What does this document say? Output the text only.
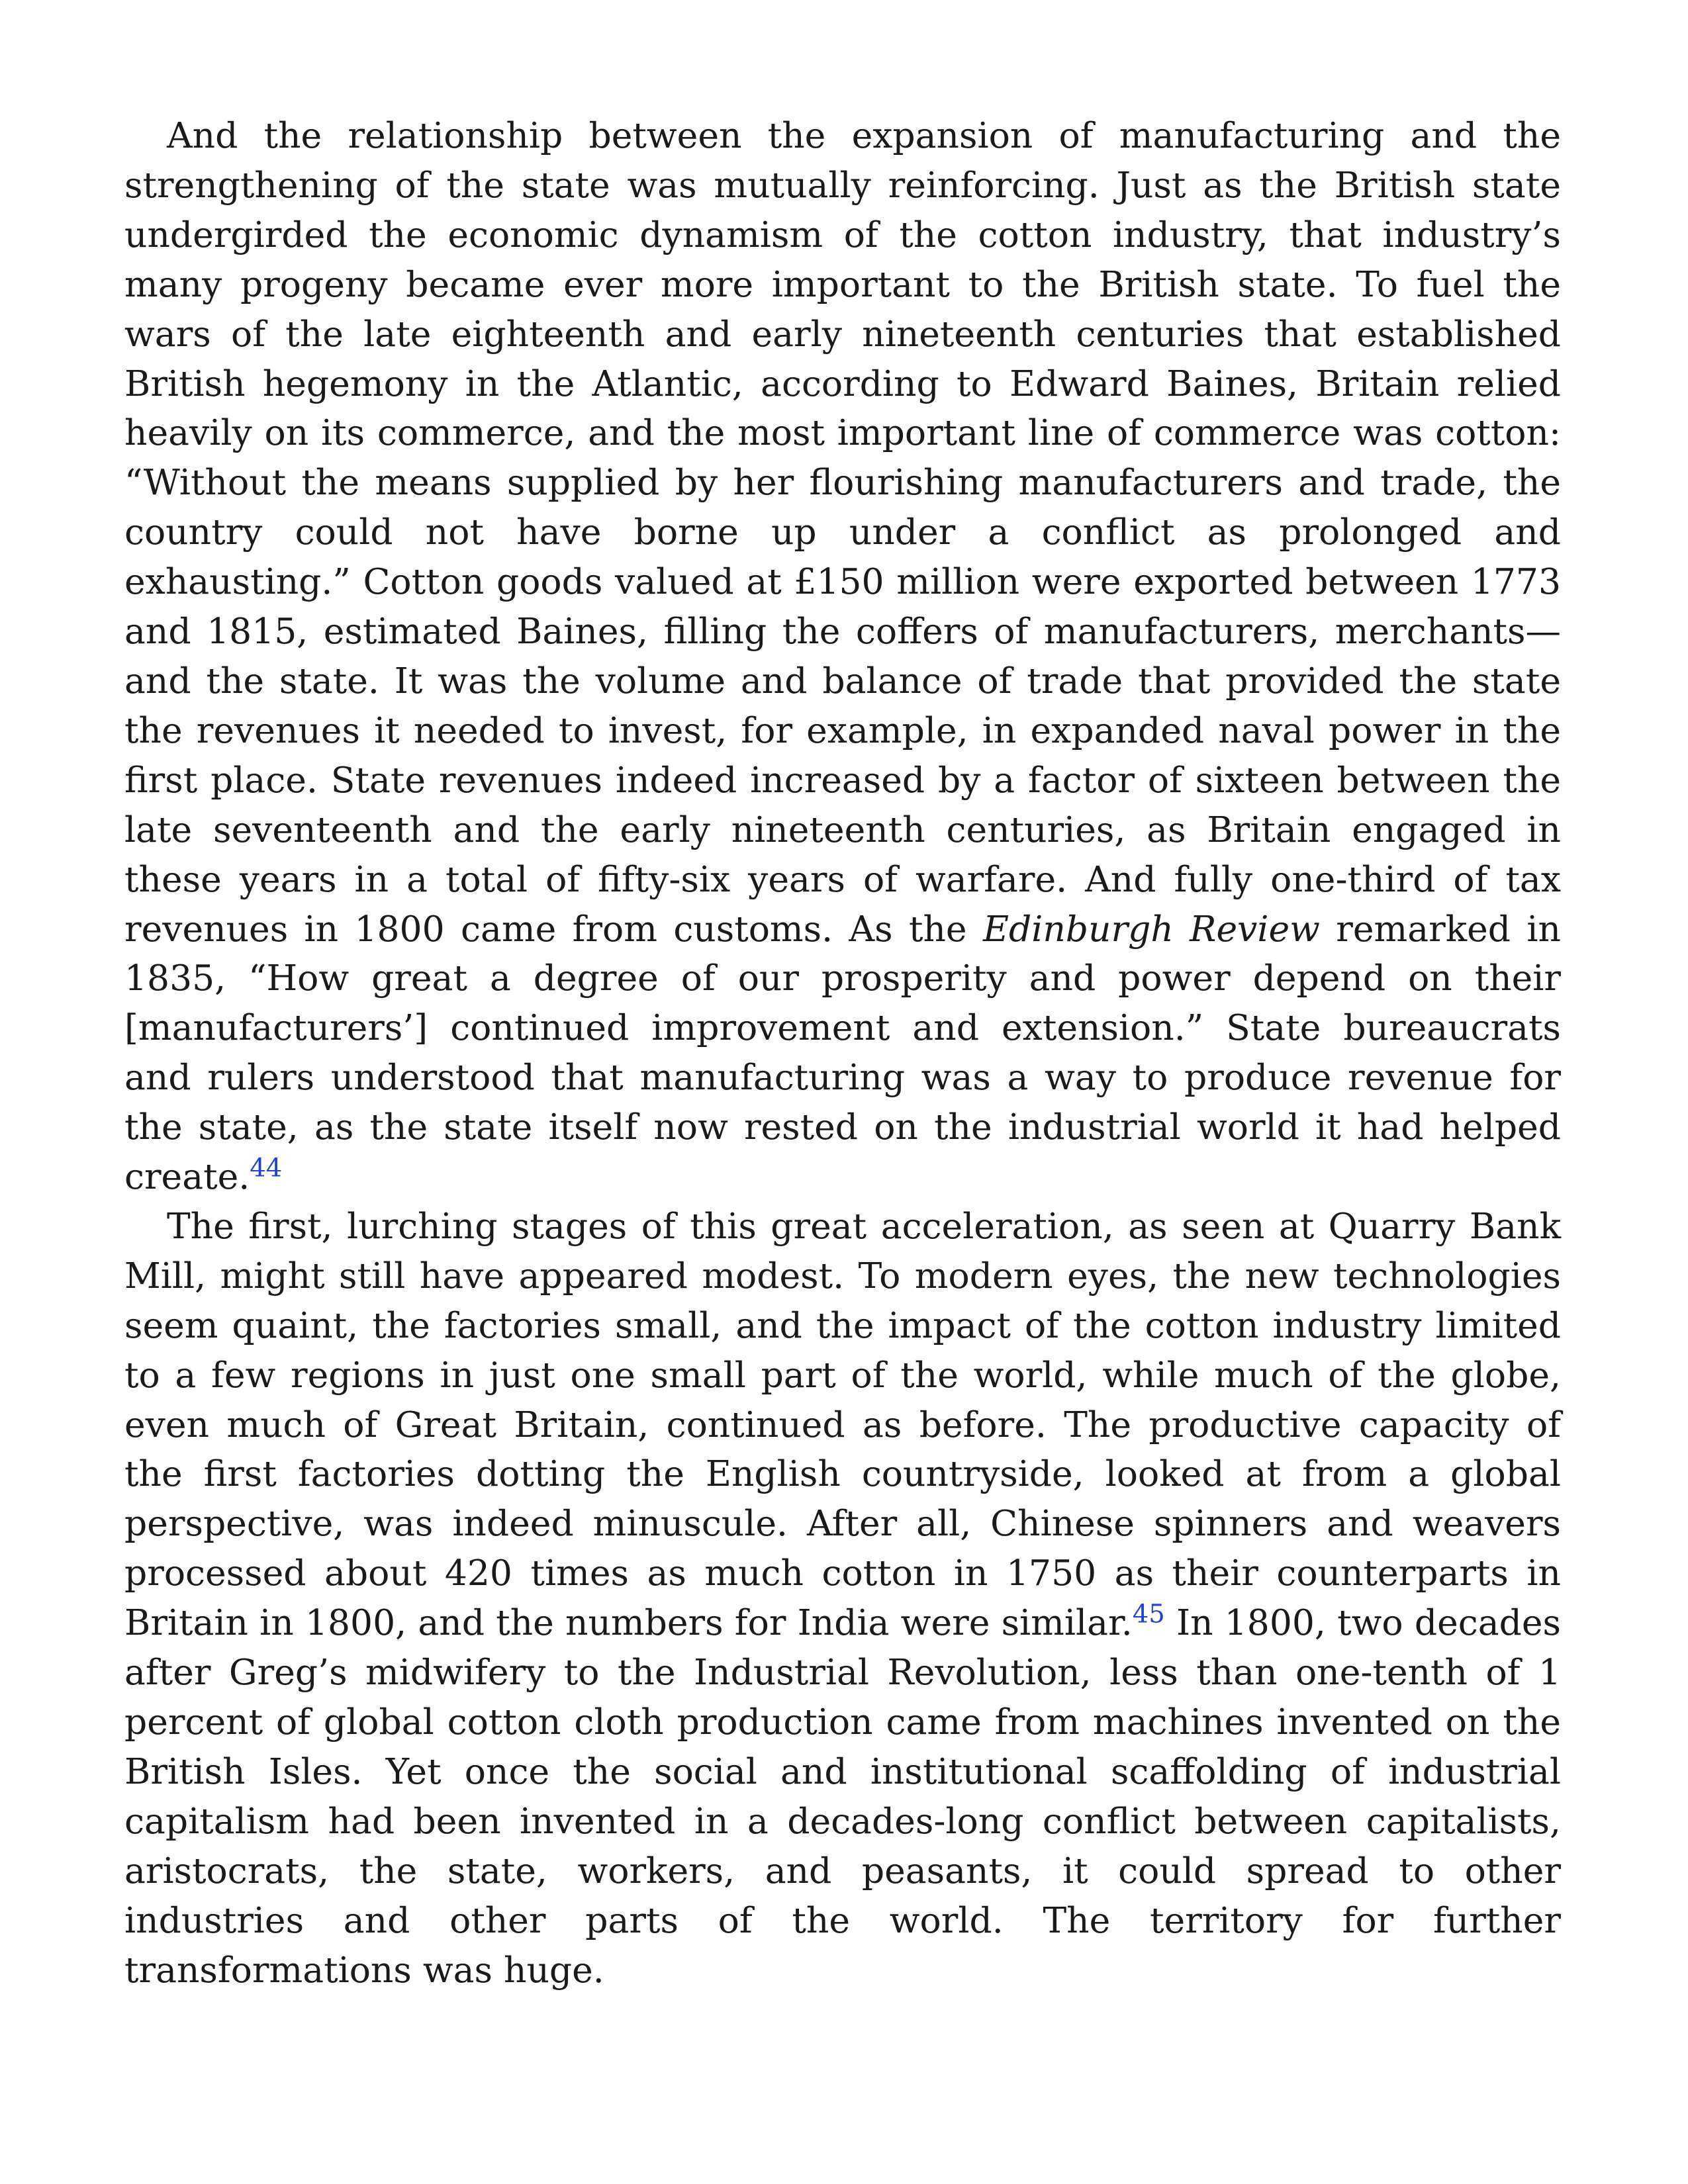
And the relationship between the expansion of manufacturing and the strengthening of the state was mutually reinforcing. Just as the British state undergirded the economic dynamism of the cotton industry, that industry’s many progeny became ever more important to the British state. To fuel the wars of the late eighteenth and early nineteenth centuries that established British hegemony in the Atlantic, according to Edward Baines, Britain relied heavily on its commerce, and the most important line of commerce was cotton: “Without the means supplied by her flourishing manufacturers and trade, the country could not have borne up under a conflict as prolonged and exhausting.” Cotton goods valued at £150 million were exported between 1773 and 1815, estimated Baines, filling the coffers of manufacturers, merchants—and the state. It was the volume and balance of trade that provided the state the revenues it needed to invest, for example, in expanded naval power in the first place. State revenues indeed increased by a factor of sixteen between the late seventeenth and the early nineteenth centuries, as Britain engaged in these years in a total of fifty-six years of warfare. And fully one-third of tax revenues in 1800 came from customs. As the Edinburgh Review remarked in 1835, “How great a degree of our prosperity and power depend on their [manufacturers’] continued improvement and extension.” State bureaucrats and rulers understood that manufacturing was a way to produce revenue for the state, as the state itself now rested on the industrial world it had helped create.$^{44}$

The first, lurching stages of this great acceleration, as seen at Quarry Bank Mill, might still have appeared modest. To modern eyes, the new technologies seem quaint, the factories small, and the impact of the cotton industry limited to a few regions in just one small part of the world, while much of the globe, even much of Great Britain, continued as before. The productive capacity of the first factories dotting the English countryside, looked at from a global perspective, was indeed minuscule. After all, Chinese spinners and weavers processed about 420 times as much cotton in 1750 as their counterparts in Britain in 1800, and the numbers for India were similar.$^{45}$ In 1800, two decades after Greg’s midwifery to the Industrial Revolution, less than one-tenth of 1 percent of global cotton cloth production came from machines invented on the British Isles. Yet once the social and institutional scaffolding of industrial capitalism had been invented in a decades-long conflict between capitalists, aristocrats, the state, workers, and peasants, it could spread to other industries and other parts of the world. The territory for further transformations was huge.
